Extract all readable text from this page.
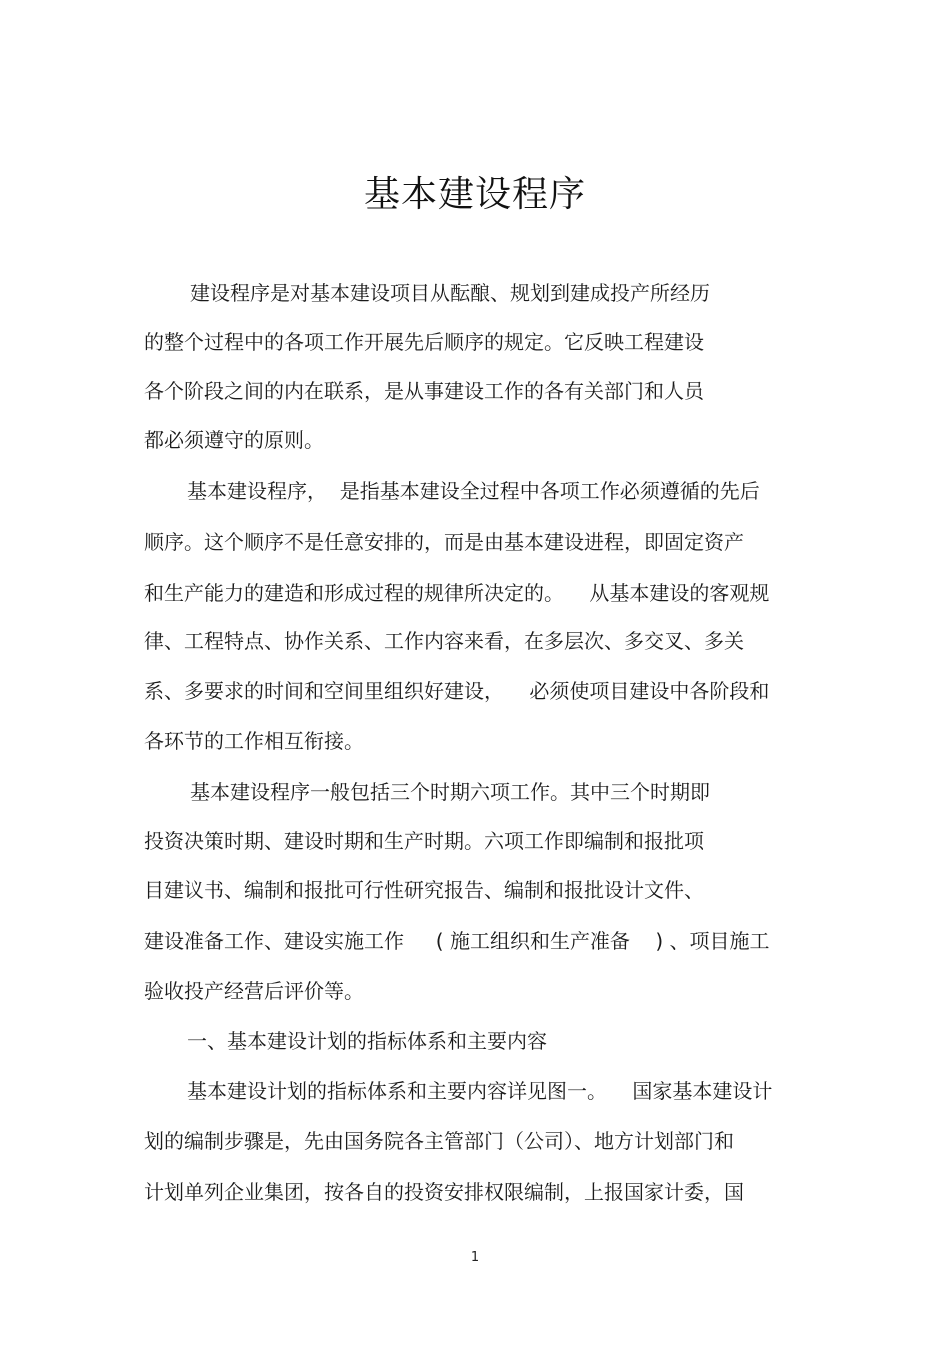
基本建设程序
建设程序是对基本建设项目从酝酿、规划到建成投产所经历
的整个过程中的各项工作开展先后顺序的规定。它反映工程建设
各个阶段之间的内在联系，是从事建设工作的各有关部门和人员
都必须遵守的原则。
基本建设程序，  是指基本建设全过程中各项工作必须遵循的先后
顺序。这个顺序不是任意安排的，而是由基本建设进程，即固定资产
和生产能力的建造和形成过程的规律所决定的。    从基本建设的客观规
律、工程特点、协作关系、工作内容来看，在多层次、多交叉、多关
系、多要求的时间和空间里组织好建设，    必须使项目建设中各阶段和
各环节的工作相互衔接。
基本建设程序一般包括三个时期六项工作。其中三个时期即
投资决策时期、建设时期和生产时期。六项工作即编制和报批项
目建议书、编制和报批可行性研究报告、编制和报批设计文件、
建设准备工作、建设实施工作     ( 施工组织和生产准备    ) 、项目施工
验收投产经营后评价等。
一、基本建设计划的指标体系和主要内容
基本建设计划的指标体系和主要内容详见图一。    国家基本建设计
划的编制步骤是，先由国务院各主管部门（公司）、地方计划部门和
计划单列企业集团，按各自的投资安排权限编制，上报国家计委，国
1
